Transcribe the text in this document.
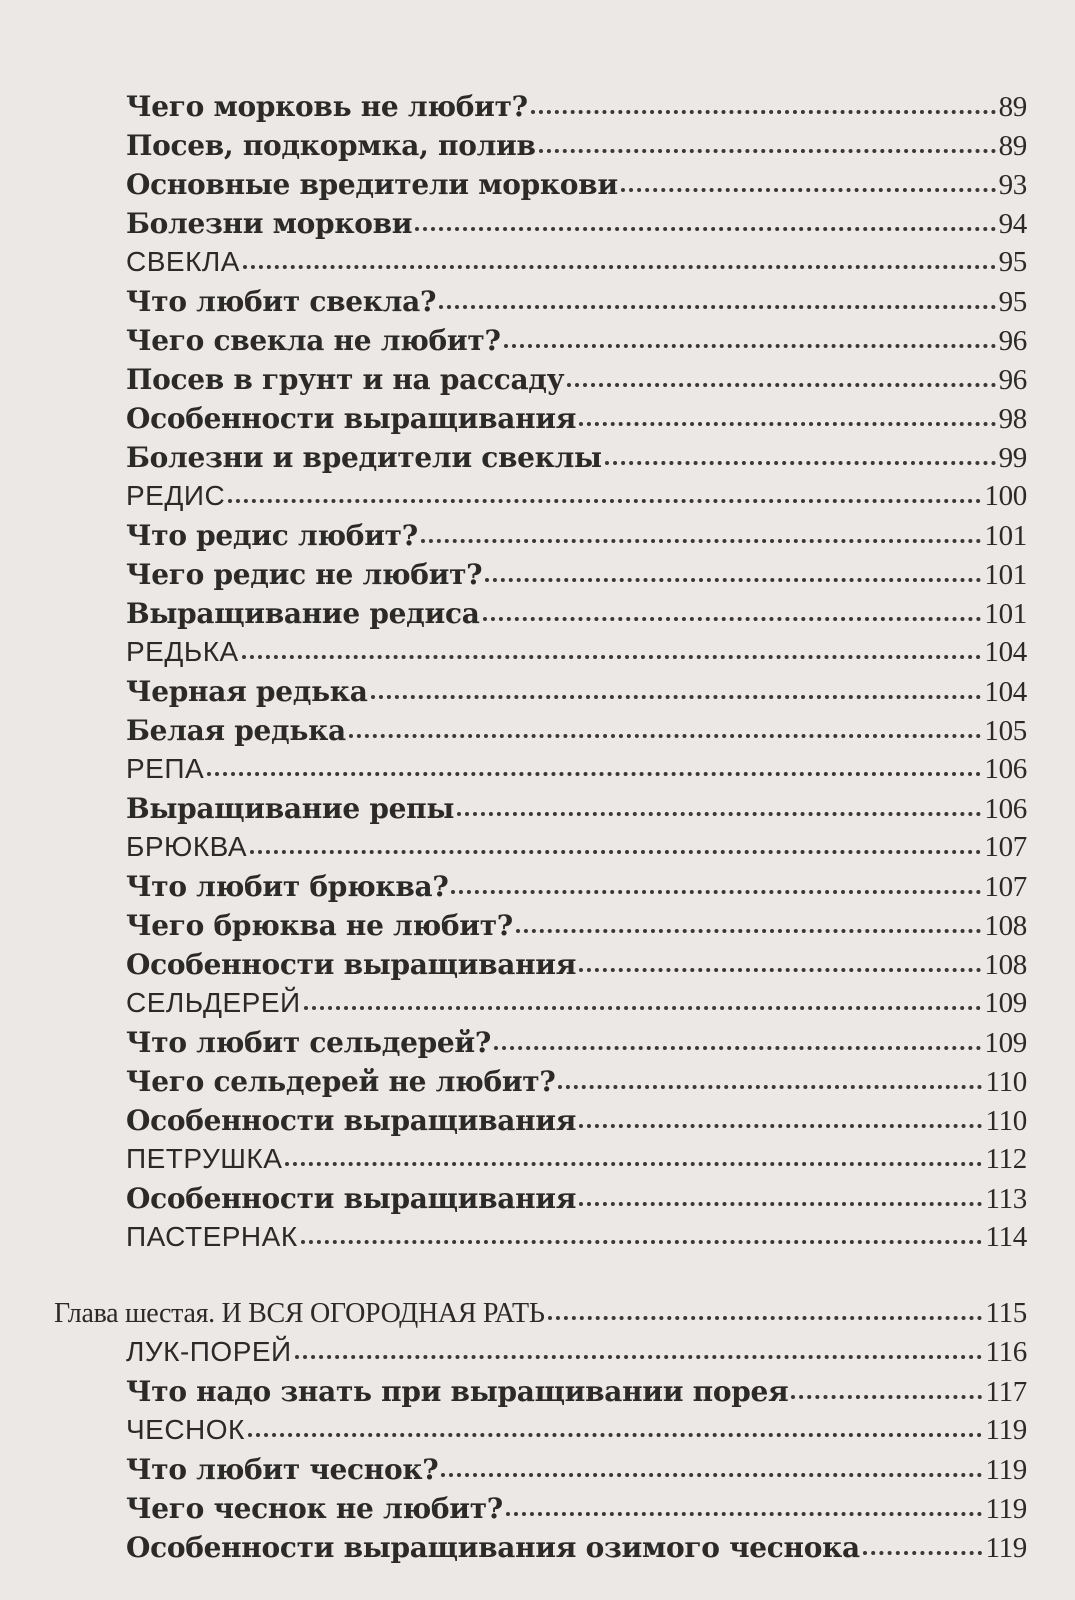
Чего морковь не любит?	89
Посев, подкормка, полив	89
Основные вредители моркови	93
Болезни моркови	94
СВЕКЛА	95
Что любит свекла?	95
Чего свекла не любит?	96
Посев в грунт и на рассаду	96
Особенности выращивания	98
Болезни и вредители свеклы	99
РЕДИС	100
Что редис любит?	101
Чего редис не любит?	101
Выращивание редиса	101
РЕДЬКА	104
Черная редька	104
Белая редька	105
РЕПА	106
Выращивание репы	106
БРЮКВА	107
Что любит брюква?	107
Чего брюква не любит?	108
Особенности выращивания	108
СЕЛЬДЕРЕЙ	109
Что любит сельдерей?	109
Чего сельдерей не любит?	110
Особенности выращивания	110
ПЕТРУШКА	112
Особенности выращивания	113
ПАСТЕРНАК	114
Глава шестая. И ВСЯ ОГОРОДНАЯ РАТЬ	115
ЛУК-ПОРЕЙ	116
Что надо знать при выращивании порея	117
ЧЕСНОК	119
Что любит чеснок?	119
Чего чеснок не любит?	119
Особенности выращивания озимого чеснока	119
